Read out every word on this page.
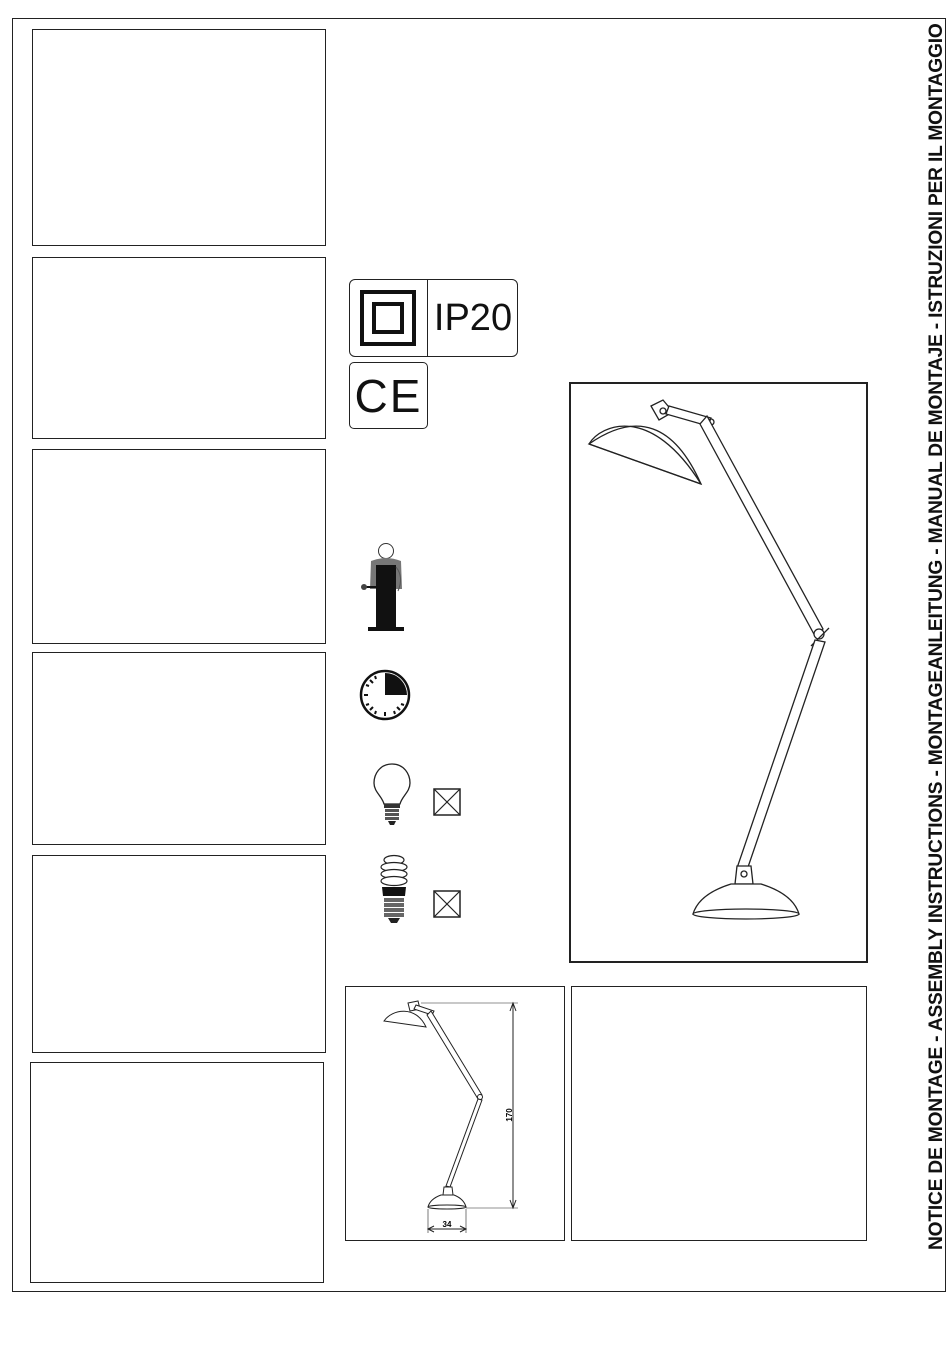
NOTICE DE MONTAGE - ASSEMBLY INSTRUCTIONS - MONTAGEANLEITUNG - MANUAL DE MONTAJE - ISTRUZIONI PER IL MONTAGGIO
IP20
CE
170
34
